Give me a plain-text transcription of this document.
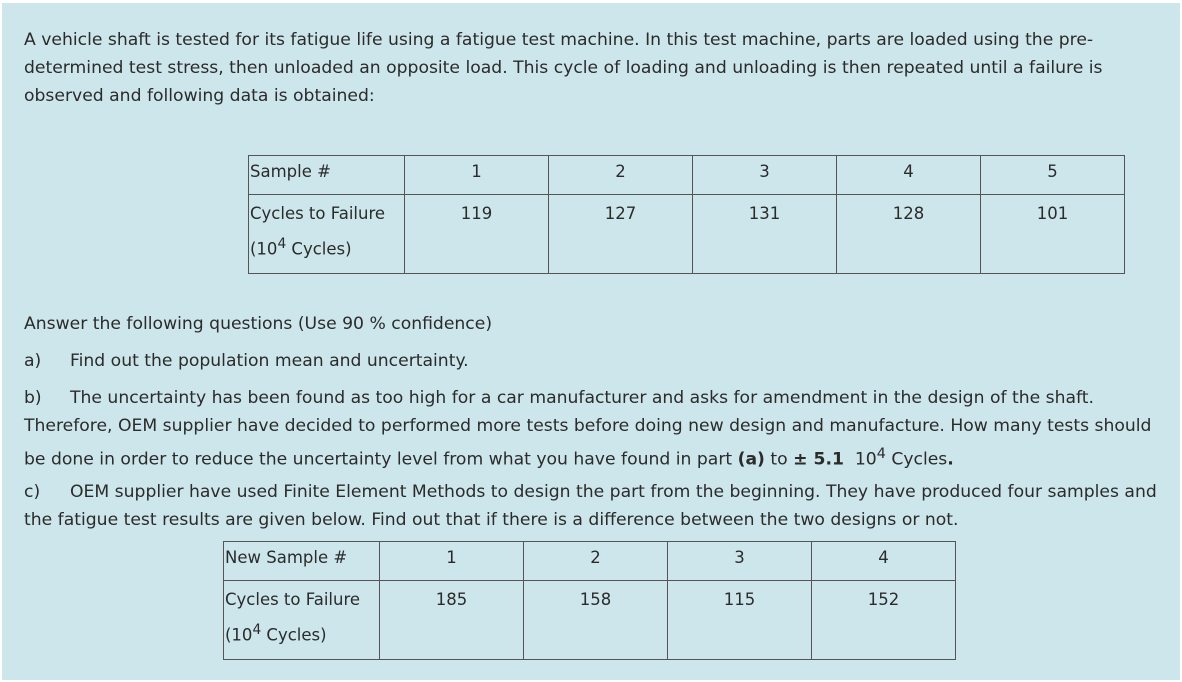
A vehicle shaft is tested for its fatigue life using a fatigue test machine. In this test machine, parts are loaded using the pre-determined test stress, then unloaded an opposite load. This cycle of loading and unloading is then repeated until a failure is observed and following data is obtained:

Sample #	1	2	3	4	5

Cycles to Failure
($10^4$ Cycles)	119	127	131	128	101

Answer the following questions (Use 90 % confidence)

a) Find out the population mean and uncertainty.

b) The uncertainty has been found as too high for a car manufacturer and asks for amendment in the design of the shaft. Therefore, OEM supplier have decided to performed more tests before doing new design and manufacture. How many tests should be done in order to reduce the uncertainty level from what you have found in part (a) to ± 5.1 $10^4$ Cycles.

c) OEM supplier have used Finite Element Methods to design the part from the beginning. They have produced four samples and the fatigue test results are given below. Find out that if there is a difference between the two designs or not.

New Sample #	1	2	3	4

Cycles to Failure
($10^4$ Cycles)	185	158	115	152
